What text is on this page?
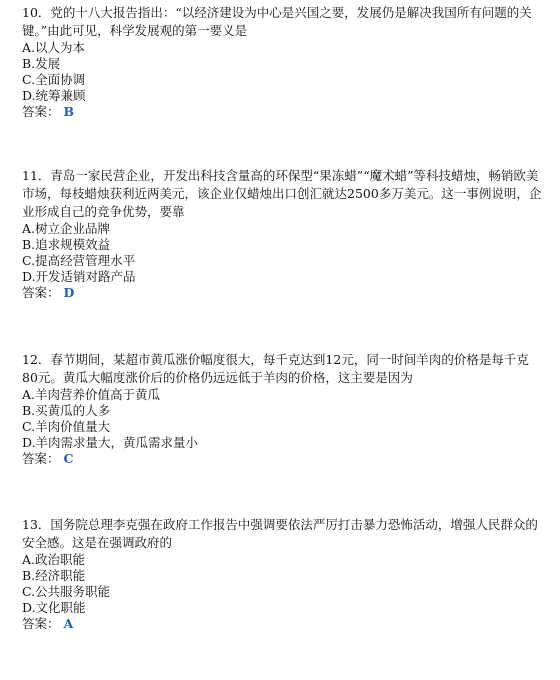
10．党的十八大报告指出：“以经济建设为中心是兴国之要，发展仍是解决我国所有问题的关键。”由此可见，科学发展观的第一要义是

A.以人为本

B.发展

C.全面协调

D.统筹兼顾

答案： B

11．青岛一家民营企业，开发出科技含量高的环保型“果冻蜡”“魔术蜡”等科技蜡烛，畅销欧美市场，每枝蜡烛获利近两美元，该企业仅蜡烛出口创汇就达2500多万美元。这一事例说明，企业形成自己的竞争优势，要靠

A.树立企业品牌

B.追求规模效益

C.提高经营管理水平

D.开发适销对路产品

答案： D

12．春节期间，某超市黄瓜涨价幅度很大，每千克达到12元，同一时间羊肉的价格是每千克80元。黄瓜大幅度涨价后的价格仍远远低于羊肉的价格，这主要是因为

A.羊肉营养价值高于黄瓜

B.买黄瓜的人多

C.羊肉价值量大

D.羊肉需求量大，黄瓜需求量小

答案： C

13．国务院总理李克强在政府工作报告中强调要依法严厉打击暴力恐怖活动，增强人民群众的安全感。这是在强调政府的

A.政治职能

B.经济职能

C.公共服务职能

D.文化职能

答案： A
